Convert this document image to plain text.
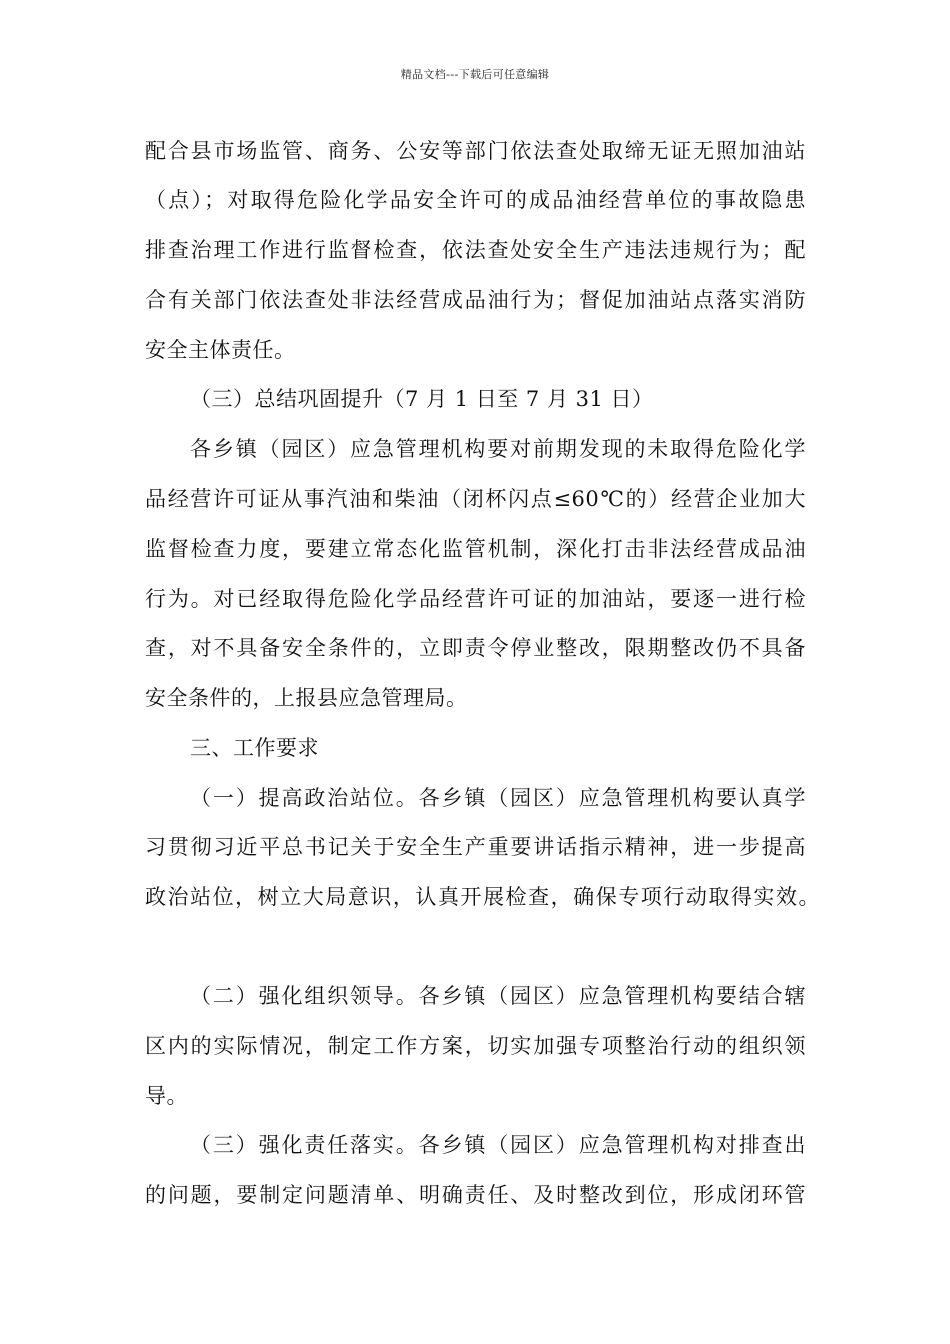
精品文档---下载后可任意编辑
配合县市场监管、商务、公安等部门依法查处取缔无证无照加油站
（点）；对取得危险化学品安全许可的成品油经营单位的事故隐患
排查治理工作进行监督检查，依法查处安全生产违法违规行为；配
合有关部门依法查处非法经营成品油行为；督促加油站点落实消防
安全主体责任。
（三）总结巩固提升（7 月 1 日至 7 月 31 日）
各乡镇（园区）应急管理机构要对前期发现的未取得危险化学
品经营许可证从事汽油和柴油（闭杯闪点≤60℃的）经营企业加大
监督检查力度，要建立常态化监管机制，深化打击非法经营成品油
行为。对已经取得危险化学品经营许可证的加油站，要逐一进行检
查，对不具备安全条件的，立即责令停业整改，限期整改仍不具备
安全条件的，上报县应急管理局。
三、工作要求
（一）提高政治站位。各乡镇（园区）应急管理机构要认真学
习贯彻习近平总书记关于安全生产重要讲话指示精神，进一步提高
政治站位，树立大局意识，认真开展检查，确保专项行动取得实效。
（二）强化组织领导。各乡镇（园区）应急管理机构要结合辖
区内的实际情况，制定工作方案，切实加强专项整治行动的组织领
导。
（三）强化责任落实。各乡镇（园区）应急管理机构对排查出
的问题，要制定问题清单、明确责任、及时整改到位，形成闭环管
